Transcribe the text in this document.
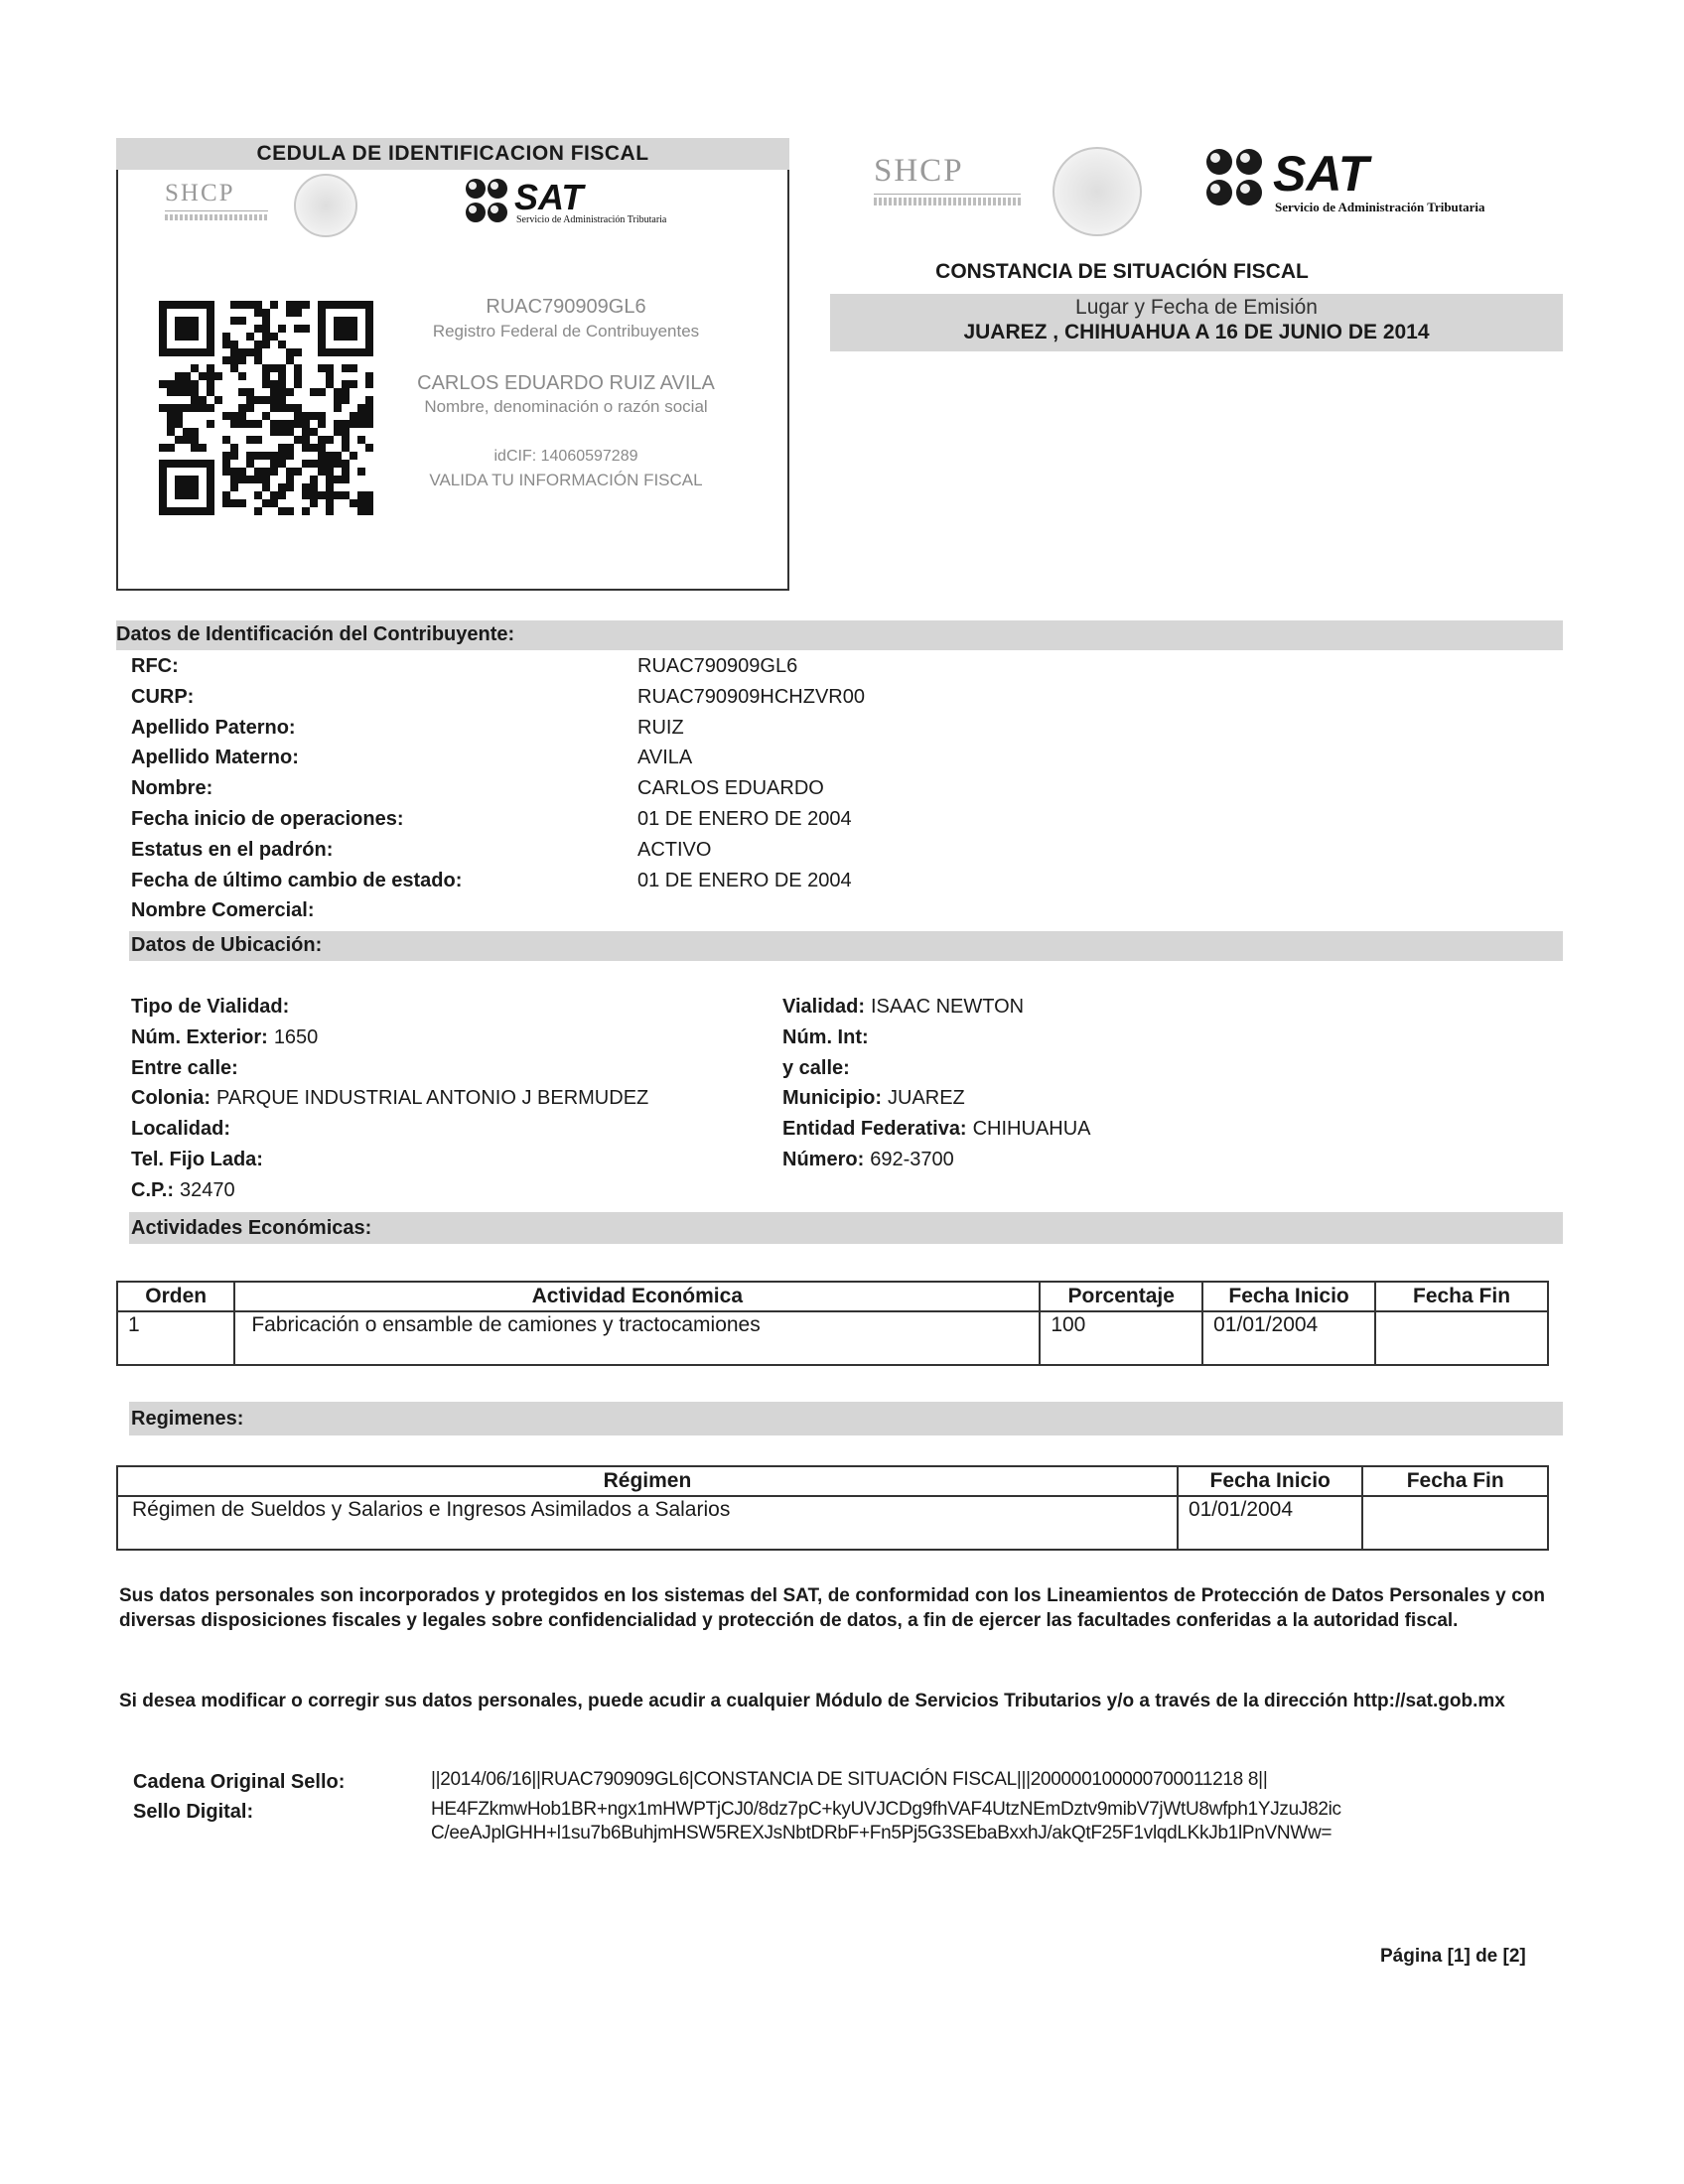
CEDULA DE IDENTIFICACION FISCAL
SHCP	SAT
Servicio de Administración Tributaria
RUAC790909GL6
Registro Federal de Contribuyentes
CARLOS EDUARDO RUIZ AVILA
Nombre, denominación o razón social
idCIF: 14060597289
VALIDA TU INFORMACIÓN FISCAL
SHCP	SAT
Servicio de Administración Tributaria
CONSTANCIA DE SITUACIÓN FISCAL
Lugar y Fecha de Emisión
JUAREZ , CHIHUAHUA A 16 DE JUNIO DE 2014
Datos de Identificación del Contribuyente:
RFC:	RUAC790909GL6
CURP:	RUAC790909HCHZVR00
Apellido Paterno:	RUIZ
Apellido Materno:	AVILA
Nombre:	CARLOS EDUARDO
Fecha inicio de operaciones:	01 DE ENERO DE 2004
Estatus en el padrón:	ACTIVO
Fecha de último cambio de estado:	01 DE ENERO DE 2004
Nombre Comercial:
Datos de Ubicación:
Tipo de Vialidad:
Núm. Exterior: 1650
Entre calle:
Colonia: PARQUE INDUSTRIAL ANTONIO J BERMUDEZ
Localidad:
Tel. Fijo Lada:
C.P.: 32470
Vialidad: ISAAC NEWTON
Núm. Int:
y calle:
Municipio: JUAREZ
Entidad Federativa: CHIHUAHUA
Número: 692-3700
Actividades Económicas:
Orden	Actividad Económica	Porcentaje	Fecha Inicio	Fecha Fin
1	Fabricación o ensamble de camiones y tractocamiones	100	01/01/2004	
Regimenes:
Régimen	Fecha Inicio	Fecha Fin
Régimen de Sueldos y Salarios e Ingresos Asimilados a Salarios	01/01/2004	
Sus datos personales son incorporados y protegidos en los sistemas del SAT, de conformidad con los Lineamientos de Protección de Datos Personales y con diversas disposiciones fiscales y legales sobre confidencialidad y protección de datos, a fin de ejercer las facultades conferidas a la autoridad fiscal.
Si desea modificar o corregir sus datos personales, puede acudir a cualquier Módulo de Servicios Tributarios y/o a través de la dirección http://sat.gob.mx
Cadena Original Sello:	||2014/06/16||RUAC790909GL6|CONSTANCIA DE SITUACIÓN FISCAL|||200000100000700011218 8||
Sello Digital:	HE4FZkmwHob1BR+ngx1mHWPTjCJ0/8dz7pC+kyUVJCDg9fhVAF4UtzNEmDztv9mibV7jWtU8wfph1YJzuJ82ic
C/eeAJplGHH+l1su7b6BuhjmHSW5REXJsNbtDRbF+Fn5Pj5G3SEbaBxxhJ/akQtF25F1vlqdLKkJb1lPnVNWw=
Página [1] de [2]
